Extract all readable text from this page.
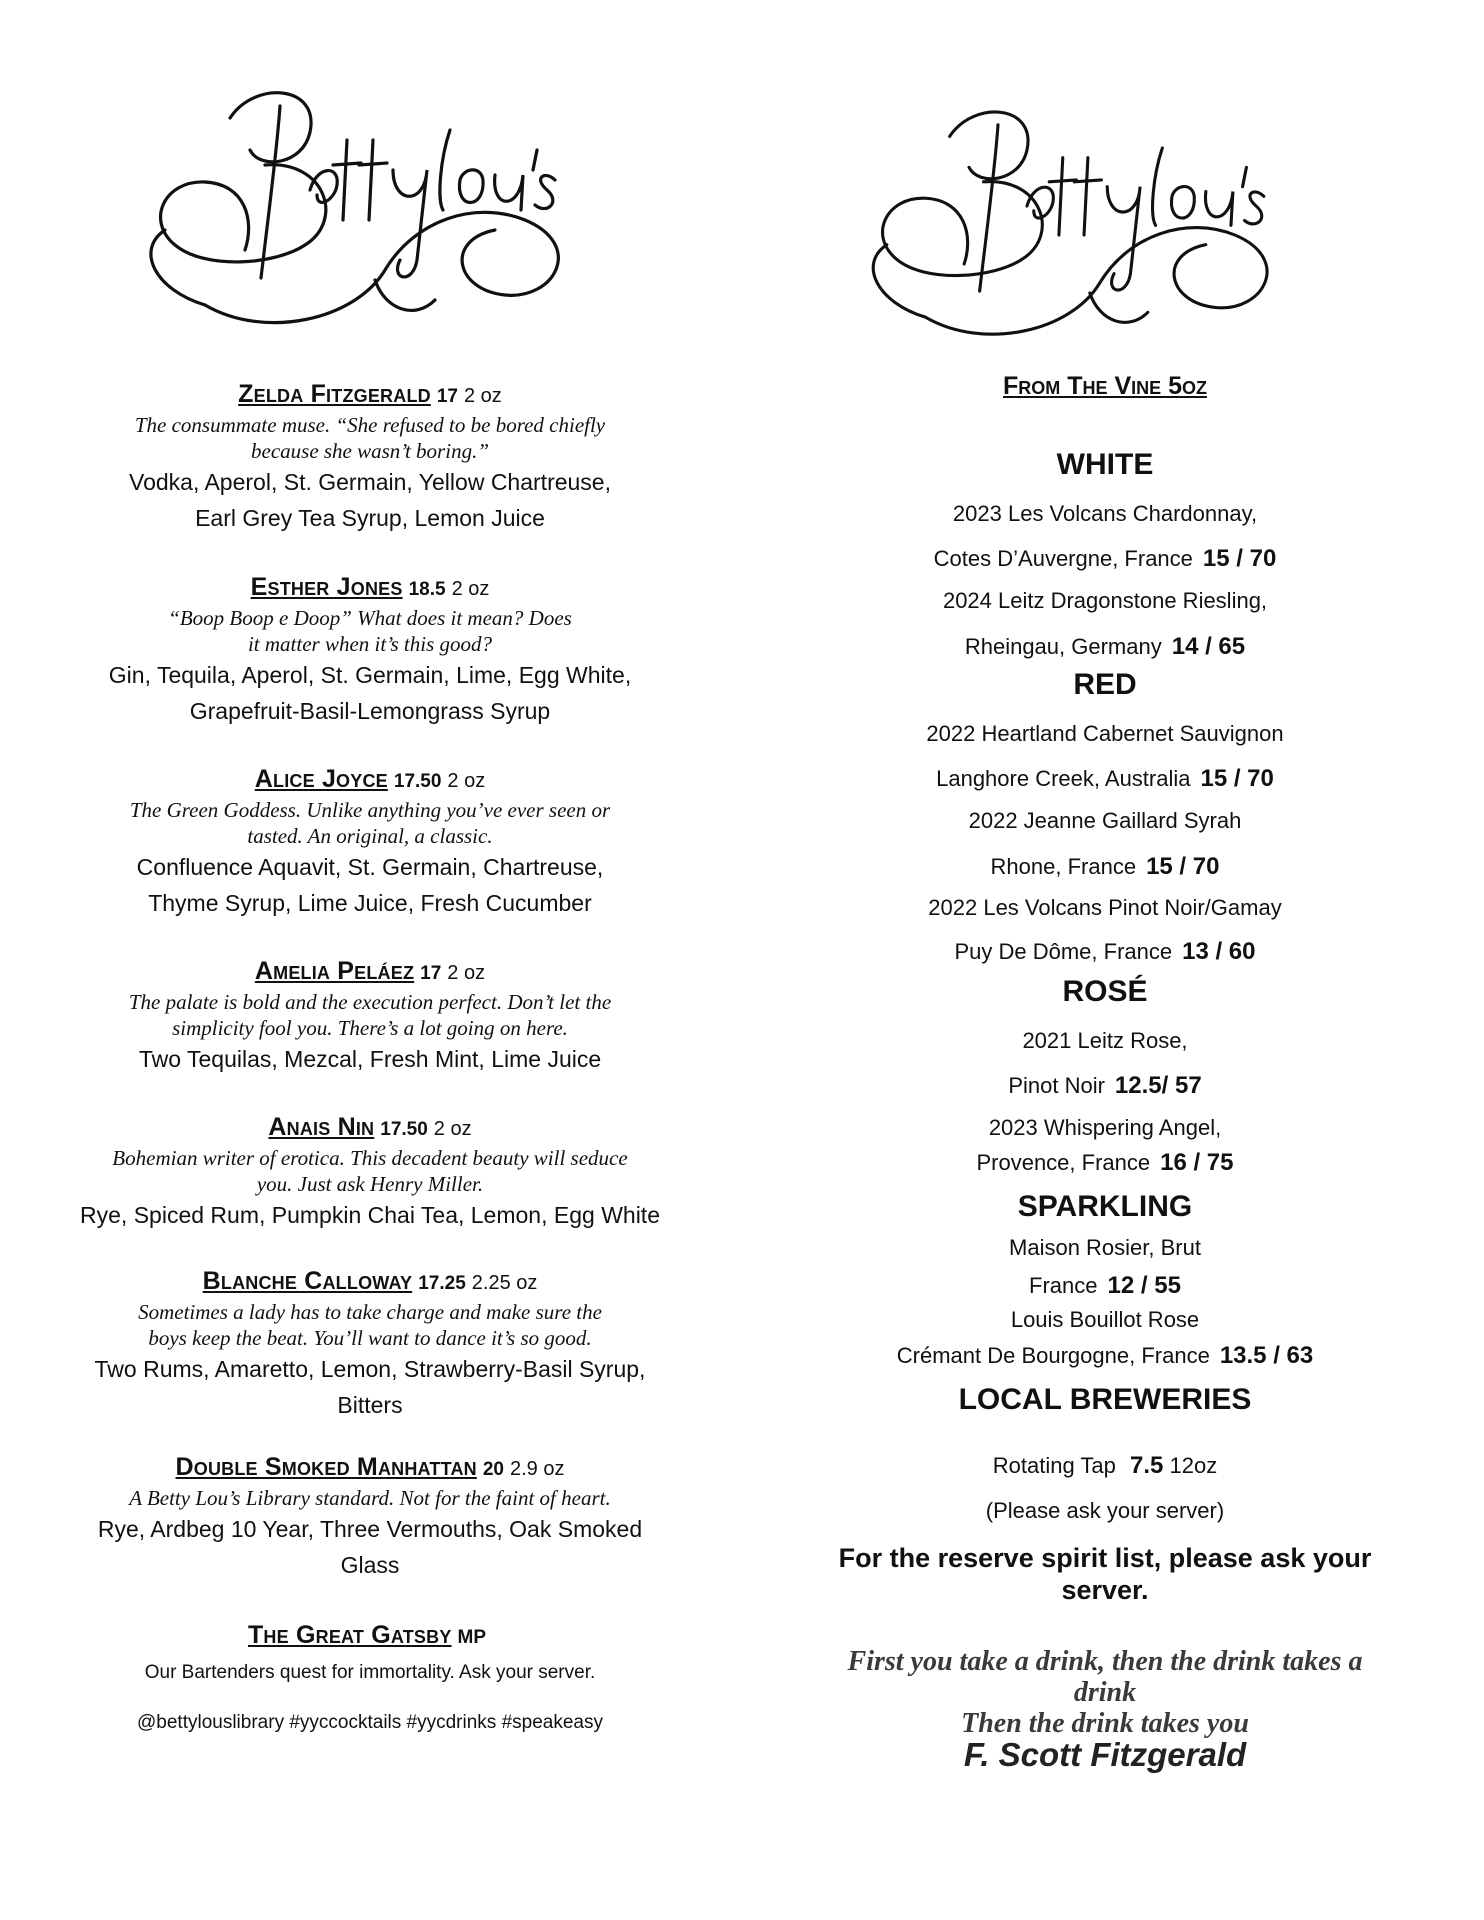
Betty Lou's
Zelda Fitzgerald 17 2 oz
The consummate muse. “She refused to be bored chiefly
because she wasn’t boring.”
Vodka, Aperol, St. Germain, Yellow Chartreuse,
Earl Grey Tea Syrup, Lemon Juice
Esther Jones 18.5 2 oz
“Boop Boop e Doop” What does it mean? Does
it matter when it’s this good?
Gin, Tequila, Aperol, St. Germain, Lime, Egg White,
Grapefruit-Basil-Lemongrass Syrup
Alice Joyce 17.50 2 oz
The Green Goddess. Unlike anything you’ve ever seen or
tasted. An original, a classic.
Confluence Aquavit, St. Germain, Chartreuse,
Thyme Syrup, Lime Juice, Fresh Cucumber
Amelia Peláez 17 2 oz
The palate is bold and the execution perfect. Don’t let the
simplicity fool you. There’s a lot going on here.
Two Tequilas, Mezcal, Fresh Mint, Lime Juice
Anais Nin 17.50 2 oz
Bohemian writer of erotica. This decadent beauty will seduce
you. Just ask Henry Miller.
Rye, Spiced Rum, Pumpkin Chai Tea, Lemon, Egg White
Blanche Calloway 17.25 2.25 oz
Sometimes a lady has to take charge and make sure the
boys keep the beat. You’ll want to dance it’s so good.
Two Rums, Amaretto, Lemon, Strawberry-Basil Syrup,
Bitters
Double Smoked Manhattan 20 2.9 oz
A Betty Lou’s Library standard. Not for the faint of heart.
Rye, Ardbeg 10 Year, Three Vermouths, Oak Smoked
Glass
The Great Gatsby MP
Our Bartenders quest for immortality. Ask your server.
@bettylouslibrary #yyccocktails #yycdrinks #speakeasy
From The Vine 5oz
WHITE
2023 Les Volcans Chardonnay,
Cotes D’Auvergne, France 15 / 70
2024 Leitz Dragonstone Riesling,
Rheingau, Germany 14 / 65
RED
2022 Heartland Cabernet Sauvignon
Langhore Creek, Australia 15 / 70
2022 Jeanne Gaillard Syrah
Rhone, France 15 / 70
2022 Les Volcans Pinot Noir/Gamay
Puy De Dôme, France 13 / 60
ROSÉ
2021 Leitz Rose,
Pinot Noir 12.5/ 57
2023 Whispering Angel,
Provence, France 16 / 75
SPARKLING
Maison Rosier, Brut
France 12 / 55
Louis Bouillot Rose
Crémant De Bourgogne, France 13.5 / 63
LOCAL BREWERIES
Rotating Tap 7.5 12oz
(Please ask your server)
For the reserve spirit list, please ask your
server.
First you take a drink, then the drink takes a
drink
Then the drink takes you
F. Scott Fitzgerald
